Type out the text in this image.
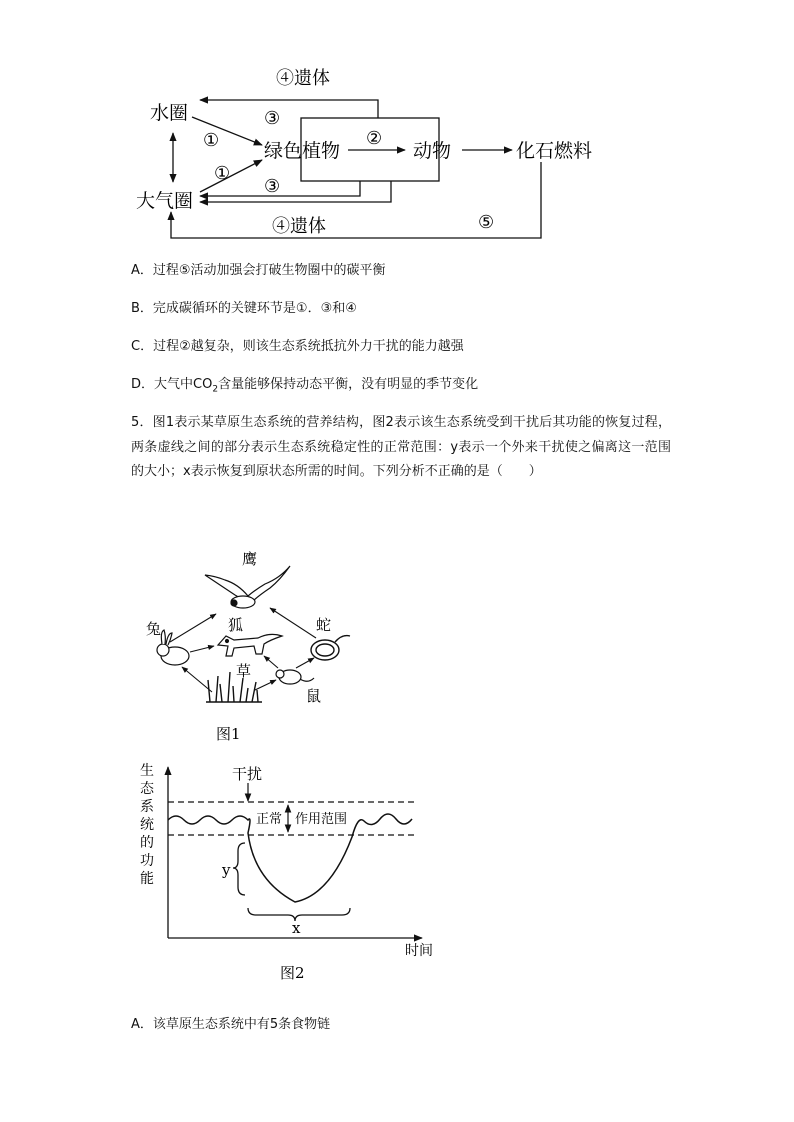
水圈
大气圈
绿色植物	动物	化石燃料
④遗体
④遗体
①
①
②
③
③
⑤
A．过程⑤活动加强会打破生物圈中的碳平衡
B．完成碳循环的关键环节是①．③和④
C．过程②越复杂，则该生态系统抵抗外力干扰的能力越强
D．大气中$CO_2$含量能够保持动态平衡，没有明显的季节变化
5．图1表示某草原生态系统的营养结构，图2表示该生态系统受到干扰后其功能的恢复过程，两条虚线之间的部分表示生态系统稳定性的正常范围：y表示一个外来干扰使之偏离这一范围的大小；x表示恢复到原状态所需的时间。下列分析不正确的是（　　）
鹰
兔	狐	蛇
草
鼠
图1
生
态
系
统
的
功
能
干扰
正常 作用范围
y
x
时间
图2
A．该草原生态系统中有5条食物链
